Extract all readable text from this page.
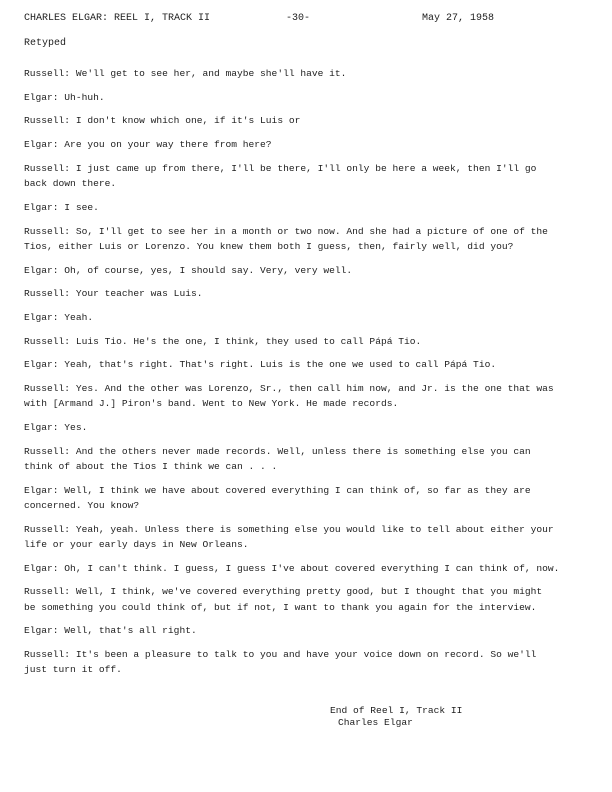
CHARLES ELGAR: REEL I, TRACK II	-30-	May 27, 1958
Retyped
Russell: We'll get to see her, and maybe she'll have it.
Elgar: Uh-huh.
Russell: I don't know which one, if it's Luis or
Elgar: Are you on your way there from here?
Russell: I just came up from there, I'll be there, I'll only be here a week, then I'll go
back down there.
Elgar: I see.
Russell: So, I'll get to see her in a month or two now. And she had a picture of one of the
Tios, either Luis or Lorenzo. You knew them both I guess, then, fairly well, did you?
Elgar: Oh, of course, yes, I should say. Very, very well.
Russell: Your teacher was Luis.
Elgar: Yeah.
Russell: Luis Tio. He's the one, I think, they used to call Pápá Tio.
Elgar: Yeah, that's right. That's right. Luis is the one we used to call Pápá Tio.
Russell: Yes. And the other was Lorenzo, Sr., then call him now, and Jr. is the one that was
with [Armand J.] Piron's band. Went to New York. He made records.
Elgar: Yes.
Russell: And the others never made records. Well, unless there is something else you can
think of about the Tios I think we can . . .
Elgar: Well, I think we have about covered everything I can think of, so far as they are
concerned. You know?
Russell: Yeah, yeah. Unless there is something else you would like to tell about either your
life or your early days in New Orleans.
Elgar: Oh, I can't think. I guess, I guess I've about covered everything I can think of, now.
Russell: Well, I think, we've covered everything pretty good, but I thought that you might
be something you could think of, but if not, I want to thank you again for the interview.
Elgar: Well, that's all right.
Russell: It's been a pleasure to talk to you and have your voice down on record. So we'll
just turn it off.
End of Reel I, Track II
Charles Elgar
